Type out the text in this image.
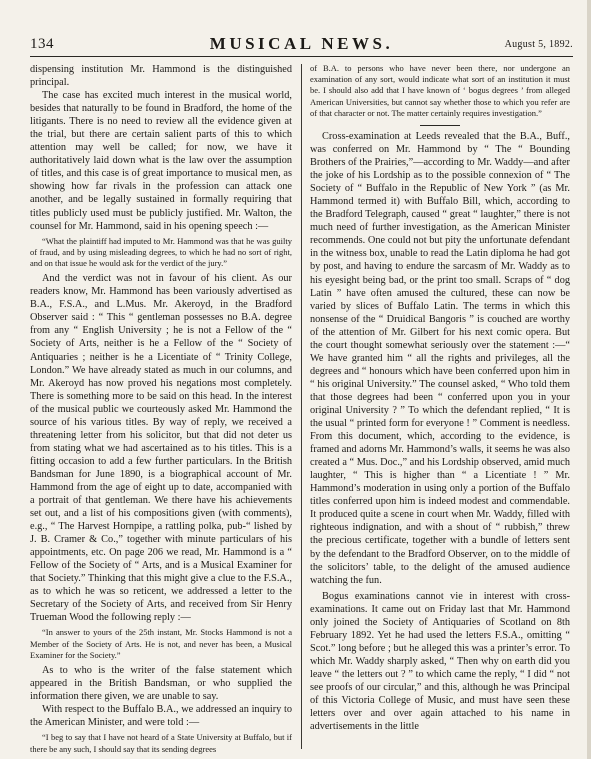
134	MUSICAL NEWS.	August 5, 1892.

dispensing institution Mr. Hammond is the distinguished principal.

The case has excited much interest in the musical world, besides that naturally to be found in Bradford, the home of the litigants. There is no need to review all the evidence given at the trial, but there are certain salient parts of this to which attention may well be called; for now, we have it authoritatively laid down what is the law over the assumption of titles, and this case is of great importance to musical men, as showing how far rivals in the profession can attack one another, and be legally sustained in formally requiring that titles publicly used must be publicly justified. Mr. Walton, the counsel for Mr. Hammond, said in his opening speech :—

“What the plaintiff had imputed to Mr. Hammond was that he was guilty of fraud, and by using misleading degrees, to which he had no sort of right, and on that issue he would ask for the verdict of the jury.”

And the verdict was not in favour of his client. As our readers know, Mr. Hammond has been variously advertised as B.A., F.S.A., and L.Mus. Mr. Akeroyd, in the Bradford Observer said : “ This “ gentleman possesses no B.A. degree from any “ English University ; he is not a Fellow of the “ Society of Arts, neither is he a Fellow of the “ Society of Antiquaries ; neither is he a Licentiate of “ Trinity College, London.” We have already stated as much in our columns, and Mr. Akeroyd has now proved his negations most completely. There is something more to be said on this head. In the interest of the musical public we courteously asked Mr. Hammond the source of his various titles. By way of reply, we received a threatening letter from his solicitor, but that did not deter us from stating what we had ascertained as to his titles. This is a fitting occasion to add a few further particulars. In the British Bandsman for June 1890, is a biographical account of Mr. Hammond from the age of eight up to date, accompanied with a portrait of that gentleman. We there have his achievements set out, and a list of his compositions given (with comments), e.g., “ The Harvest Hornpipe, a rattling polka, pub-“ lished by J. B. Cramer & Co.,” together with minute particulars of his appointments, etc. On page 206 we read, Mr. Hammond is a “ Fellow of the Society of “ Arts, and is a Musical Examiner for that Society.” Thinking that this might give a clue to the F.S.A., as to which he was so reticent, we addressed a letter to the Secretary of the Society of Arts, and received from Sir Henry Trueman Wood the following reply :—

“In answer to yours of the 25th instant, Mr. Stocks Hammond is not a Member of the Society of Arts. He is not, and never has been, a Musical Examiner for the Society.”

As to who is the writer of the false statement which appeared in the British Bandsman, or who supplied the information there given, we are unable to say.

With respect to the Buffalo B.A., we addressed an inquiry to the American Minister, and were told :—

“I beg to say that I have not heard of a State University at Buffalo, but if there be any such, I should say that its sending degrees

of B.A. to persons who have never been there, nor undergone an examination of any sort, would indicate what sort of an institution it must be. I should also add that I have known of ‘ bogus degrees ’ from alleged American Universities, but cannot say whether those to which you refer are of that character or not. The matter certainly requires investigation.”

Cross-examination at Leeds revealed that the B.A., Buff., was conferred on Mr. Hammond by “ The “ Bounding Brothers of the Prairies,”—according to Mr. Waddy—and after the joke of his Lordship as to the possible connexion of “ The Society of “ Buffalo in the Republic of New York ” (as Mr. Hammond termed it) with Buffalo Bill, which, according to the Bradford Telegraph, caused “ great “ laughter,” there is not much need of further investigation, as the American Minister recommends. One could not but pity the unfortunate defendant in the witness box, unable to read the Latin diploma he had got by post, and having to endure the sarcasm of Mr. Waddy as to his eyesight being bad, or the print too small. Scraps of “ dog Latin ” have often amused the cultured, these can now be varied by slices of Buffalo Latin. The terms in which this nonsense of the “ Druidical Bangoris ” is couched are worthy of the attention of Mr. Gilbert for his next comic opera. But the court thought somewhat seriously over the statement :—“ We have granted him “ all the rights and privileges, all the degrees and “ honours which have been conferred upon him in “ his original University.” The counsel asked, “ Who told them that those degrees had been “ conferred upon you in your original University ? ” To which the defendant replied, “ It is the usual “ printed form for everyone ! ” Comment is needless. From this document, which, according to the evidence, is framed and adorns Mr. Hammond’s walls, it seems he was also created a “ Mus. Doc.,” and his Lordship observed, amid much laughter, “ This is higher than “ a Licentiate ! ” Mr. Hammond’s moderation in using only a portion of the Buffalo titles conferred upon him is indeed modest and commendable. It produced quite a scene in court when Mr. Waddy, filled with righteous indignation, and with a shout of “ rubbish,” threw the precious certificate, together with a bundle of letters sent by the defendant to the Bradford Observer, on to the middle of the solicitors’ table, to the delight of the amused audience watching the fun.

Bogus examinations cannot vie in interest with cross-examinations. It came out on Friday last that Mr. Hammond only joined the Society of Antiquaries of Scotland on 8th February 1892. Yet he had used the letters F.S.A., omitting “ Scot.” long before ; but he alleged this was a printer’s error. To which Mr. Waddy sharply asked, “ Then why on earth did you leave “ the letters out ? ” to which came the reply, “ I did “ not see proofs of our circular,” and this, although he was Principal of this Victoria College of Music, and must have seen these letters over and over again attached to his name in advertisements in the little
